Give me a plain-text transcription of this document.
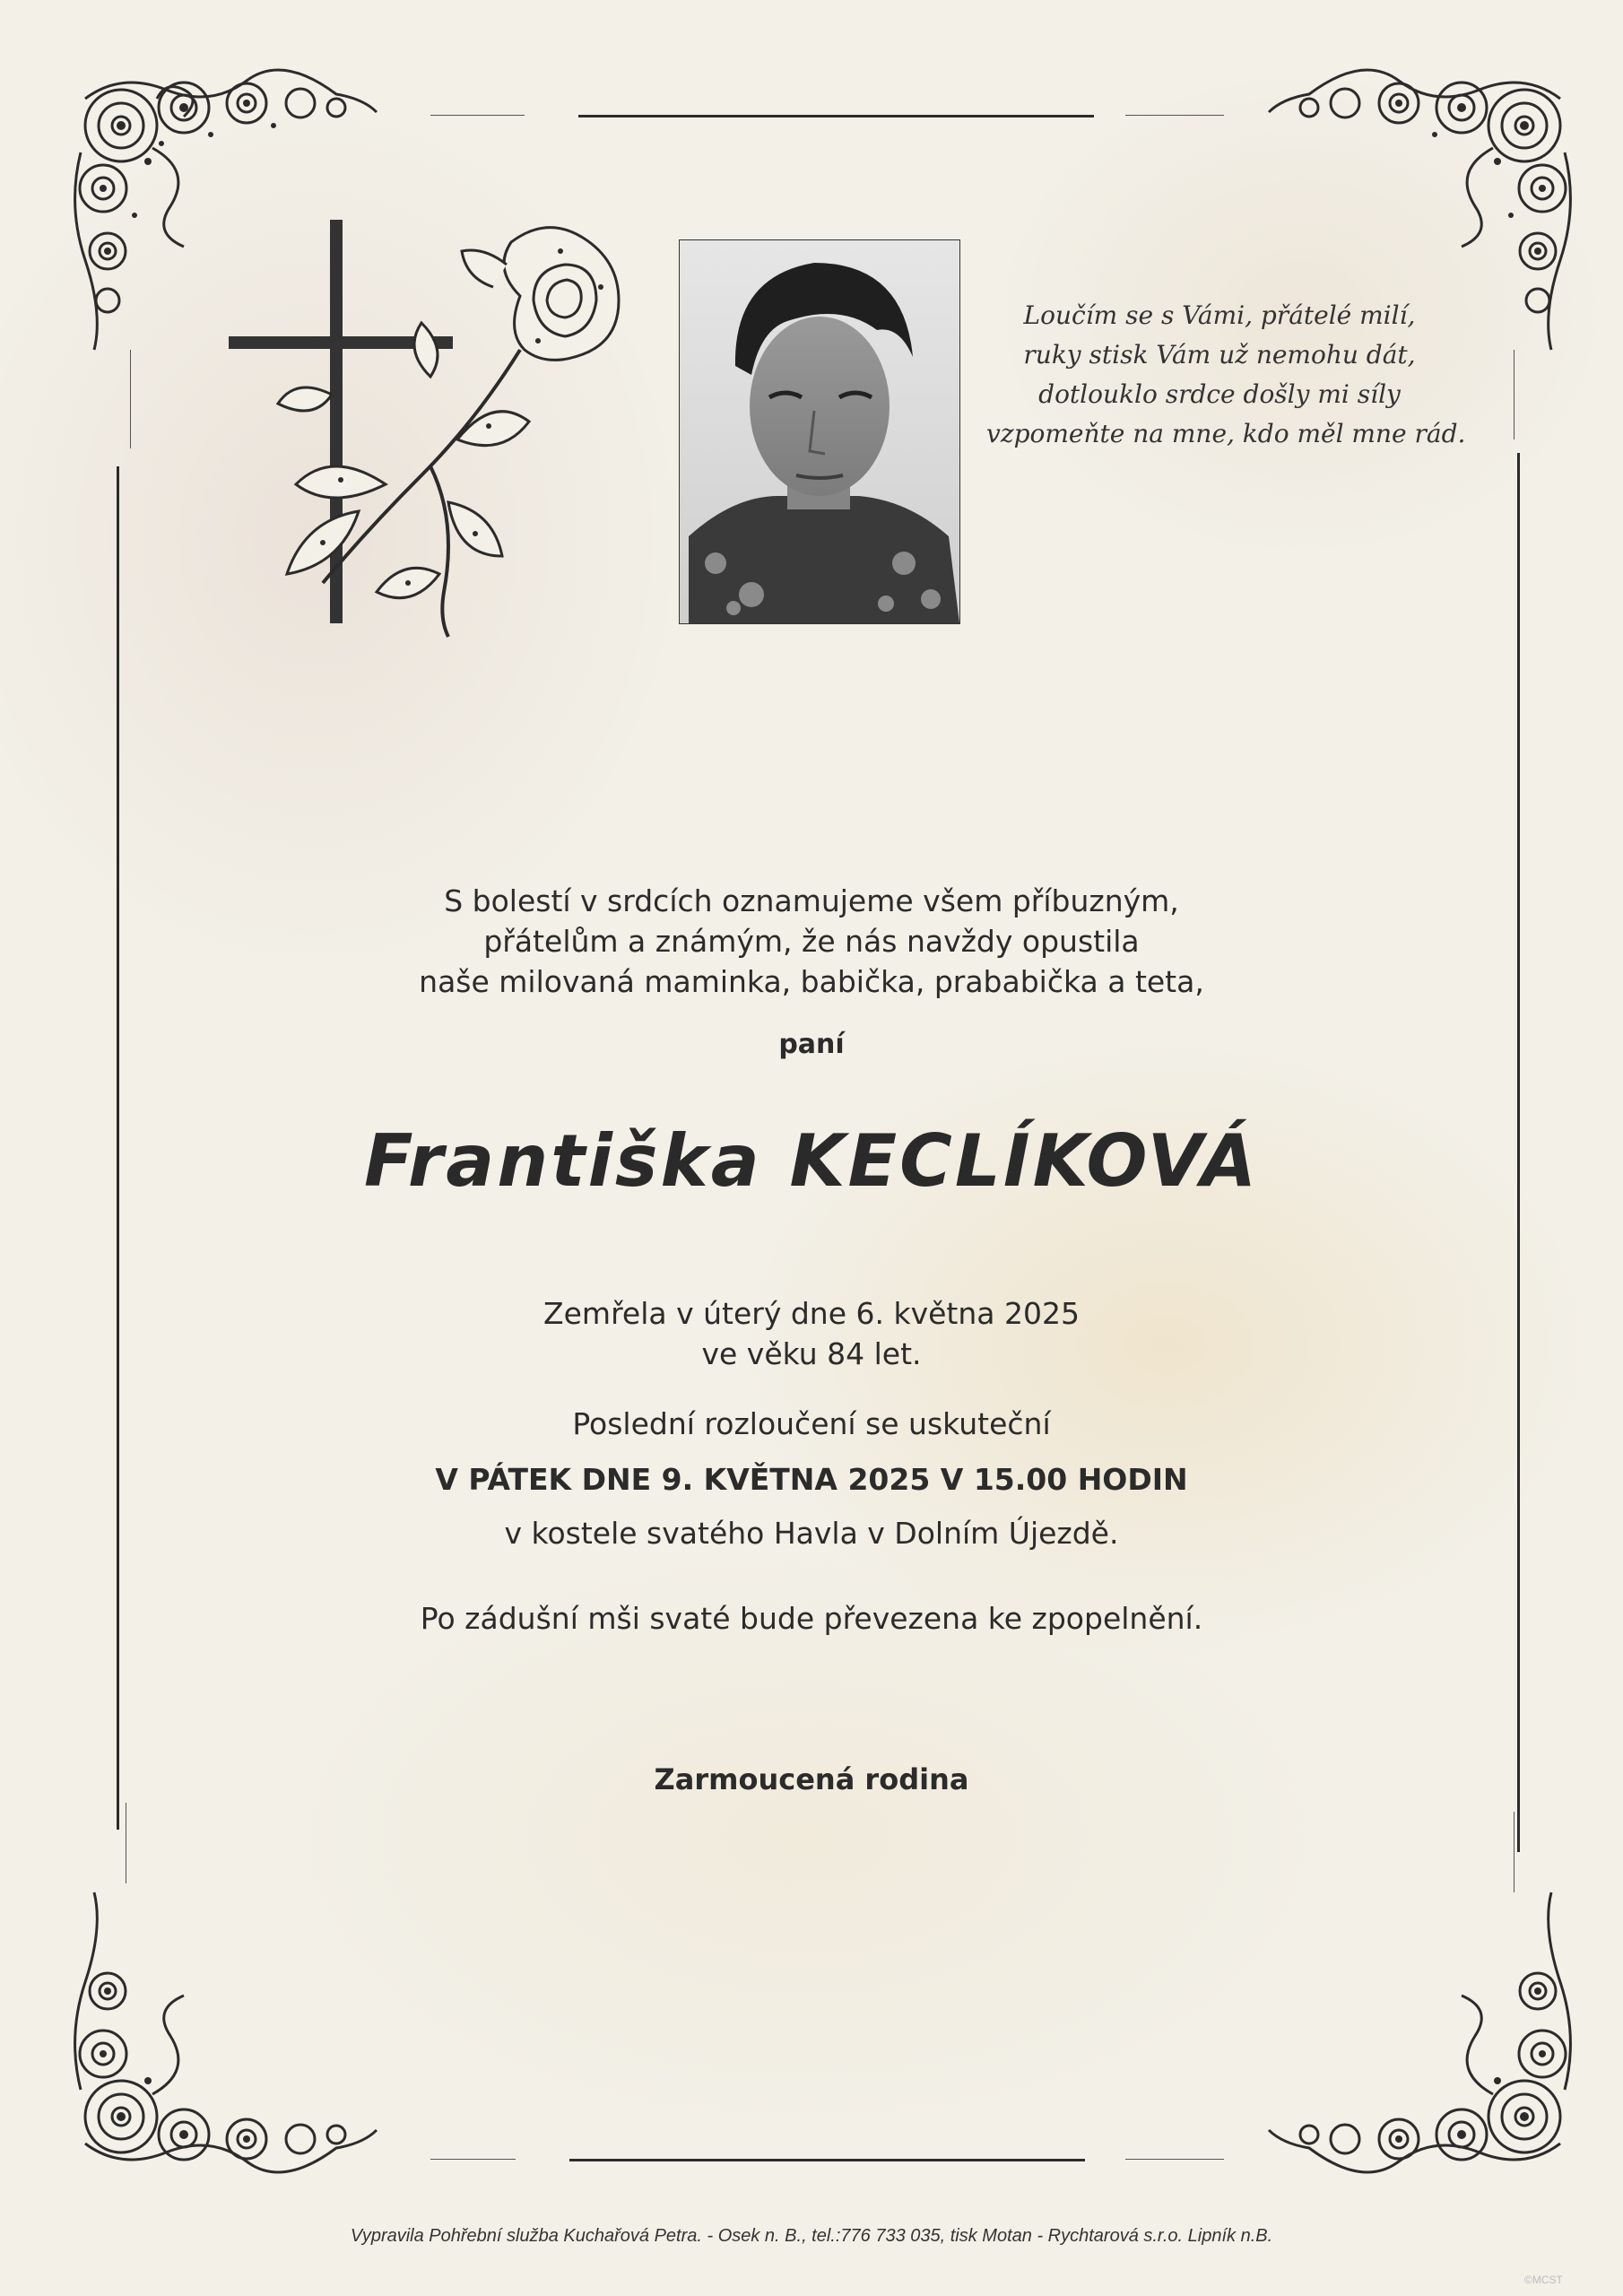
Loučím se s Vámi, přátelé milí,
ruky stisk Vám už nemohu dát,
dotlouklo srdce došly mi síly
vzpomeňte na mne, kdo měl mne rád.
S bolestí v srdcích oznamujeme všem příbuzným,
přátelům a známým, že nás navždy opustila
naše milovaná maminka, babička, prababička a teta,
paní
Františka KECLÍKOVÁ
Zemřela v úterý dne 6. května 2025
ve věku 84 let.
Poslední rozloučení se uskuteční
V PÁTEK DNE 9. KVĚTNA 2025 V 15.00 HODIN
v kostele svatého Havla v Dolním Újezdě.
Po zádušní mši svaté bude převezena ke zpopelnění.
Zarmoucená rodina
Vypravila Pohřební služba Kuchařová Petra. - Osek n. B., tel.:776 733 035, tisk Motan - Rychtarová s.r.o. Lipník n.B.
©MCST
